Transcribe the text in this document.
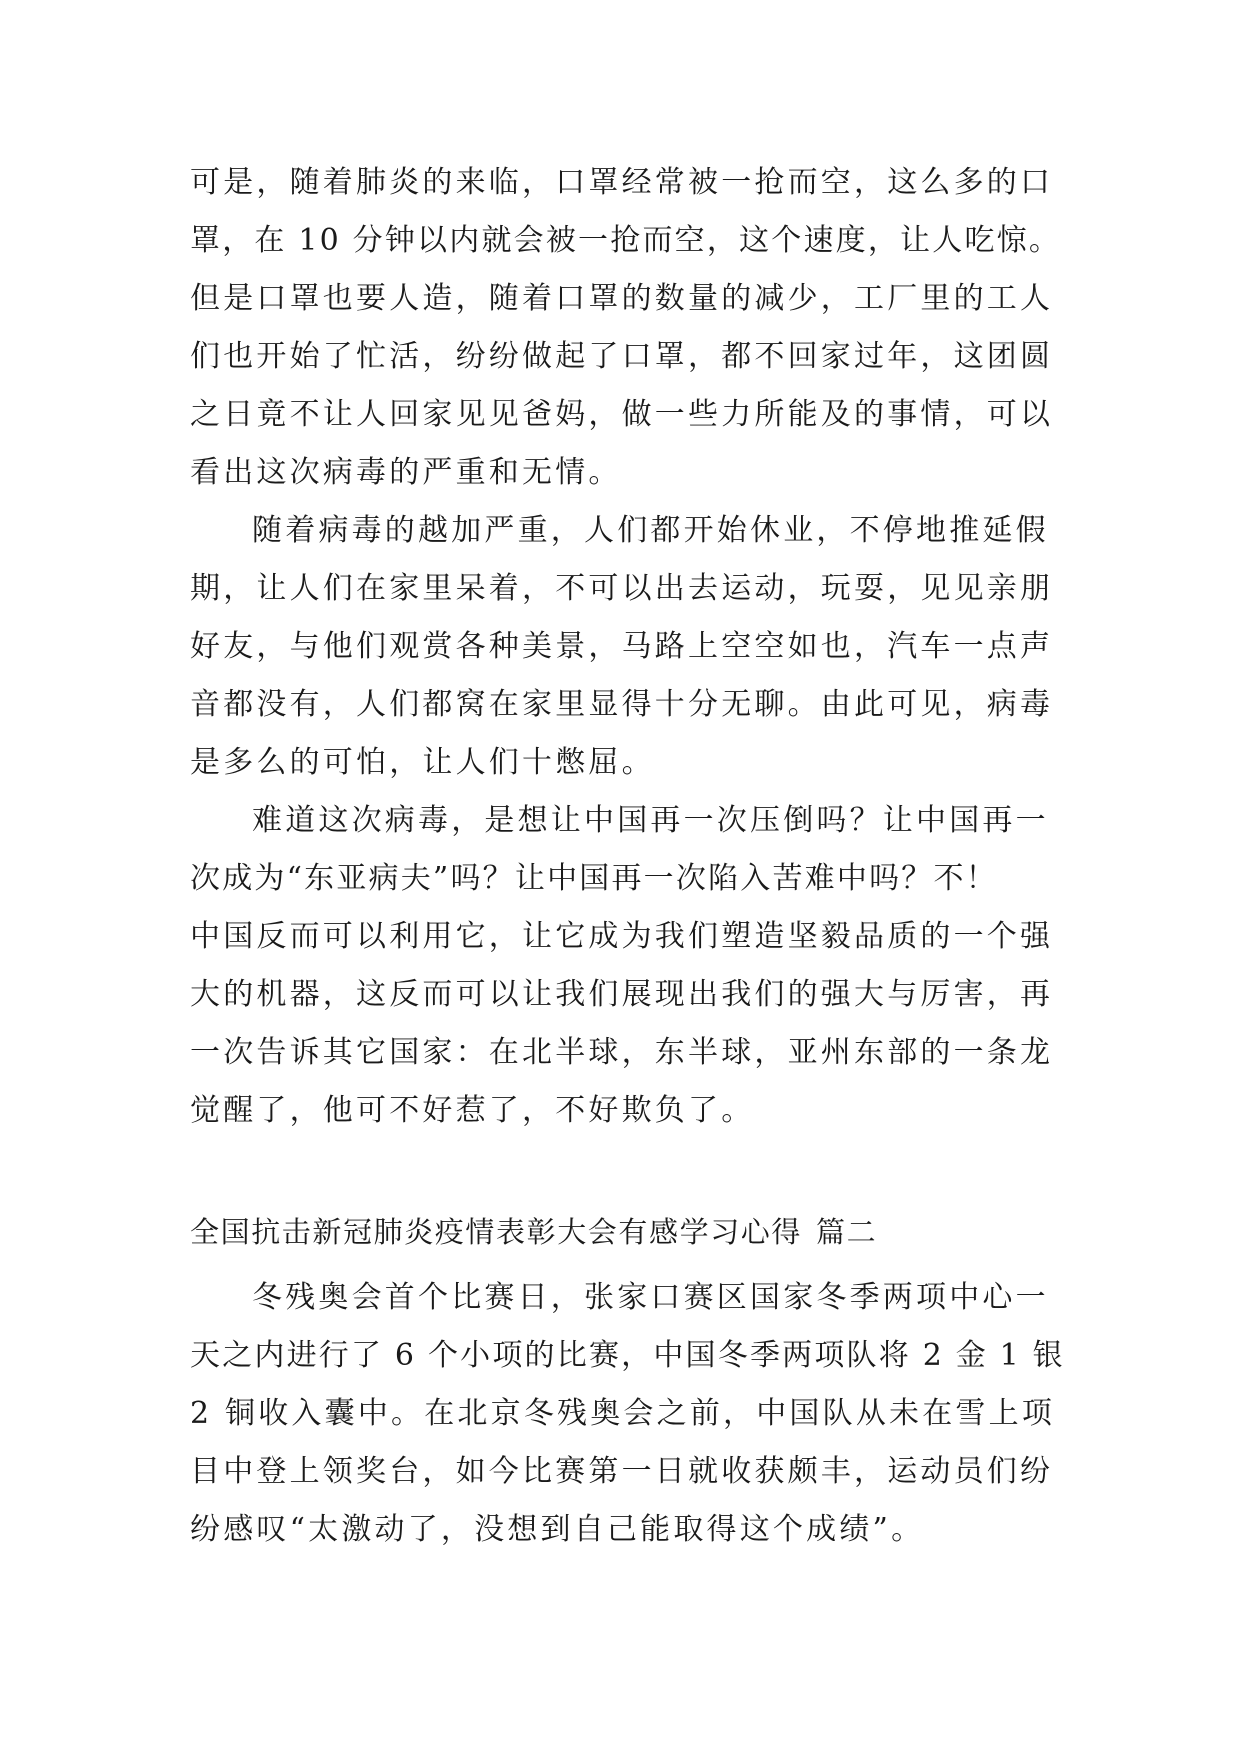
可是，随着肺炎的来临，口罩经常被一抢而空，这么多的口
罩，在 10 分钟以内就会被一抢而空，这个速度，让人吃惊。
但是口罩也要人造，随着口罩的数量的减少，工厂里的工人
们也开始了忙活，纷纷做起了口罩，都不回家过年，这团圆
之日竟不让人回家见见爸妈，做一些力所能及的事情，可以
看出这次病毒的严重和无情。
随着病毒的越加严重，人们都开始休业，不停地推延假
期，让人们在家里呆着，不可以出去运动，玩耍，见见亲朋
好友，与他们观赏各种美景，马路上空空如也，汽车一点声
音都没有，人们都窝在家里显得十分无聊。由此可见，病毒
是多么的可怕，让人们十憋屈。
难道这次病毒，是想让中国再一次压倒吗？让中国再一
次成为“东亚病夫”吗？让中国再一次陷入苦难中吗？不！
中国反而可以利用它，让它成为我们塑造坚毅品质的一个强
大的机器，这反而可以让我们展现出我们的强大与厉害，再
一次告诉其它国家：在北半球，东半球，亚州东部的一条龙
觉醒了，他可不好惹了，不好欺负了。
全国抗击新冠肺炎疫情表彰大会有感学习心得 篇二
冬残奥会首个比赛日，张家口赛区国家冬季两项中心一
天之内进行了 6 个小项的比赛，中国冬季两项队将 2 金 1 银
2 铜收入囊中。在北京冬残奥会之前，中国队从未在雪上项
目中登上领奖台，如今比赛第一日就收获颇丰，运动员们纷
纷感叹“太激动了，没想到自己能取得这个成绩”。
